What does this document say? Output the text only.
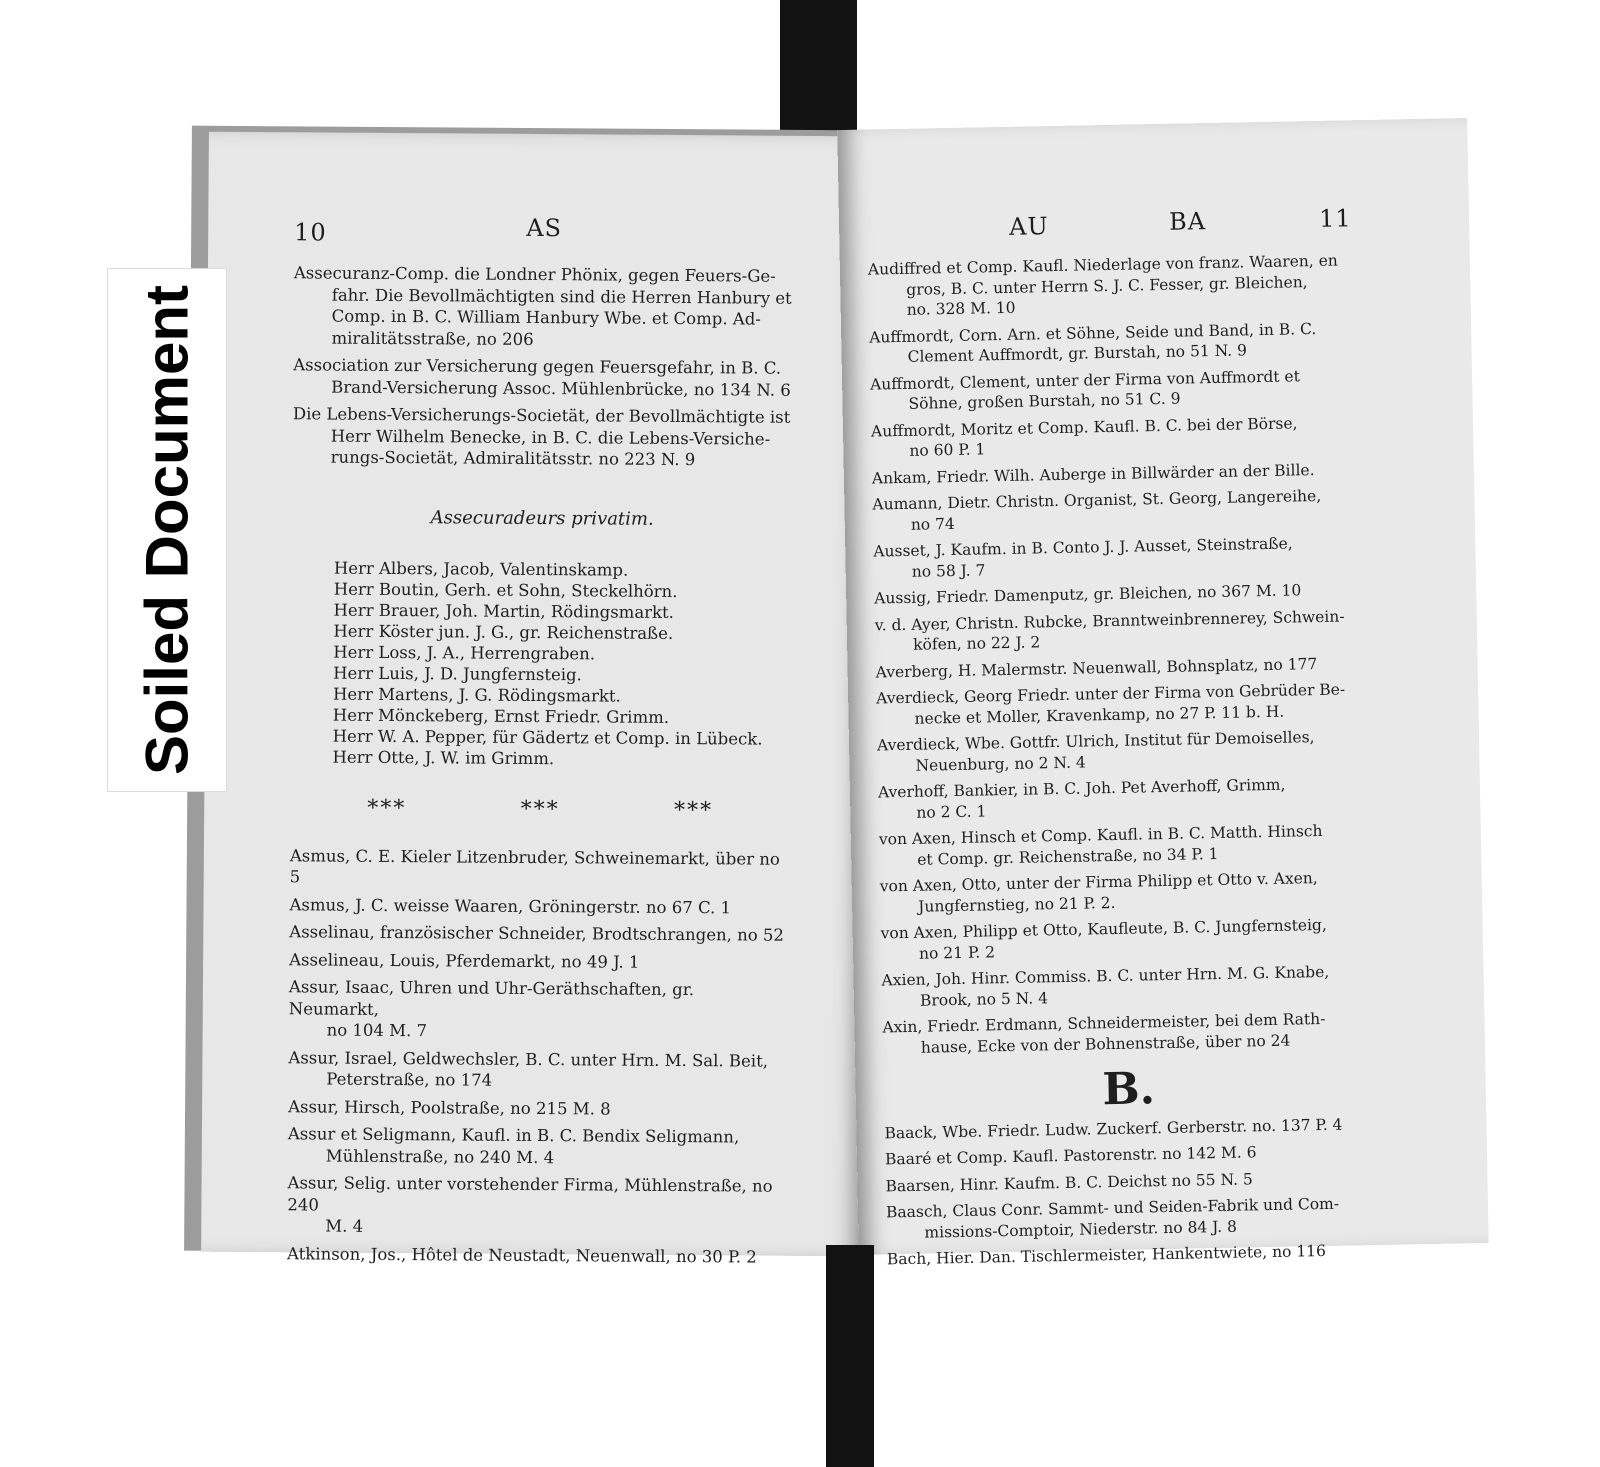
10	AS
Assecuranz-Comp. die Londner Phönix, gegen Feuers-Ge-
fahr. Die Bevollmächtigten sind die Herren Hanbury et
Comp. in B. C. William Hanbury Wbe. et Comp. Ad-
miralitätsstraße, no 206
Association zur Versicherung gegen Feuersgefahr, in B. C.
Brand-Versicherung Assoc. Mühlenbrücke, no 134 N. 6
Die Lebens-Versicherungs-Societät, der Bevollmächtigte ist
Herr Wilhelm Benecke, in B. C. die Lebens-Versiche-
rungs-Societät, Admiralitätsstr. no 223 N. 9
Assecuradeurs privatim.
Herr Albers, Jacob, Valentinskamp.
Herr Boutin, Gerh. et Sohn, Steckelhörn.
Herr Brauer, Joh. Martin, Rödingsmarkt.
Herr Köster jun. J. G., gr. Reichenstraße.
Herr Loss, J. A., Herrengraben.
Herr Luis, J. D. Jungfernsteig.
Herr Martens, J. G. Rödingsmarkt.
Herr Mönckeberg, Ernst Friedr. Grimm.
Herr W. A. Pepper, für Gädertz et Comp. in Lübeck.
Herr Otte, J. W. im Grimm.
***	***	***
Asmus, C. E. Kieler Litzenbruder, Schweinemarkt, über no 5
Asmus, J. C. weisse Waaren, Gröningerstr. no 67 C. 1
Asselinau, französischer Schneider, Brodtschrangen, no 52
Asselineau, Louis, Pferdemarkt, no 49 J. 1
Assur, Isaac, Uhren und Uhr-Geräthschaften, gr. Neumarkt,
no 104 M. 7
Assur, Israel, Geldwechsler, B. C. unter Hrn. M. Sal. Beit,
Peterstraße, no 174
Assur, Hirsch, Poolstraße, no 215 M. 8
Assur et Seligmann, Kaufl. in B. C. Bendix Seligmann,
Mühlenstraße, no 240 M. 4
Assur, Selig. unter vorstehender Firma, Mühlenstraße, no 240
M. 4
Atkinson, Jos., Hôtel de Neustadt, Neuenwall, no 30 P. 2
AU	BA	11
Audiffred et Comp. Kaufl. Niederlage von franz. Waaren, en
gros, B. C. unter Herrn S. J. C. Fesser, gr. Bleichen,
no. 328 M. 10
Auffmordt, Corn. Arn. et Söhne, Seide und Band, in B. C.
Clement Auffmordt, gr. Burstah, no 51 N. 9
Auffmordt, Clement, unter der Firma von Auffmordt et
Söhne, großen Burstah, no 51 C. 9
Auffmordt, Moritz et Comp. Kaufl. B. C. bei der Börse,
no 60 P. 1
Ankam, Friedr. Wilh. Auberge in Billwärder an der Bille.
Aumann, Dietr. Christn. Organist, St. Georg, Langereihe,
no 74
Ausset, J. Kaufm. in B. Conto J. J. Ausset, Steinstraße,
no 58 J. 7
Aussig, Friedr. Damenputz, gr. Bleichen, no 367 M. 10
v. d. Ayer, Christn. Rubcke, Branntweinbrennerey, Schwein-
köfen, no 22 J. 2
Averberg, H. Malermstr. Neuenwall, Bohnsplatz, no 177
Averdieck, Georg Friedr. unter der Firma von Gebrüder Be-
necke et Moller, Kravenkamp, no 27 P. 11 b. H.
Averdieck, Wbe. Gottfr. Ulrich, Institut für Demoiselles,
Neuenburg, no 2 N. 4
Averhoff, Bankier, in B. C. Joh. Pet Averhoff, Grimm,
no 2 C. 1
von Axen, Hinsch et Comp. Kaufl. in B. C. Matth. Hinsch
et Comp. gr. Reichenstraße, no 34 P. 1
von Axen, Otto, unter der Firma Philipp et Otto v. Axen,
Jungfernstieg, no 21 P. 2.
von Axen, Philipp et Otto, Kaufleute, B. C. Jungfernsteig,
no 21 P. 2
Axien, Joh. Hinr. Commiss. B. C. unter Hrn. M. G. Knabe,
Brook, no 5 N. 4
Axin, Friedr. Erdmann, Schneidermeister, bei dem Rath-
hause, Ecke von der Bohnenstraße, über no 24
B.
Baack, Wbe. Friedr. Ludw. Zuckerf. Gerberstr. no. 137 P. 4
Baaré et Comp. Kaufl. Pastorenstr. no 142 M. 6
Baarsen, Hinr. Kaufm. B. C. Deichst no 55 N. 5
Baasch, Claus Conr. Sammt- und Seiden-Fabrik und Com-
missions-Comptoir, Niederstr. no 84 J. 8
Bach, Hier. Dan. Tischlermeister, Hankentwiete, no 116
Soiled Document
